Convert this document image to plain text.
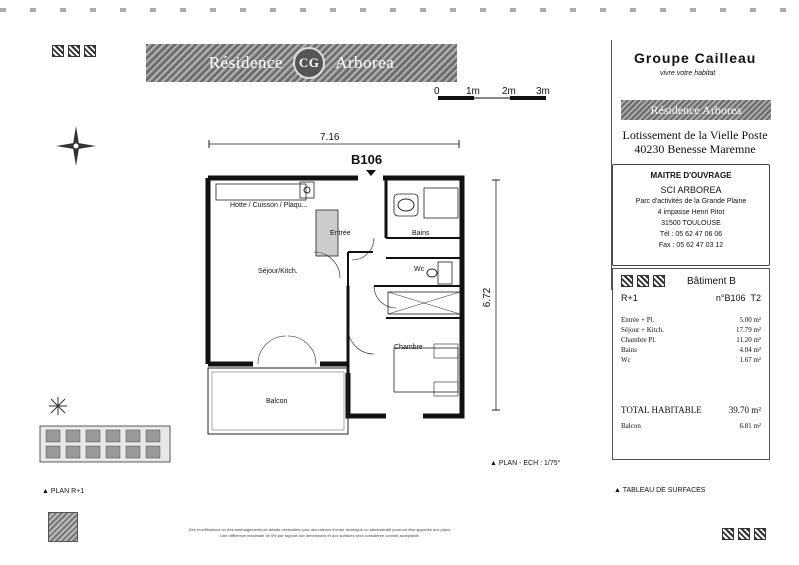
Résidence CG Arborea
0	1m 2m 3m
7.16
B106
6.72
Hotte / Cuisson / Plaqu...
Entrée	Bains
Séjour/Kitch.	Wc
Chambre
Balcon
▲ PLAN - ECH : 1/75°
▲ PLAN R+1
Groupe Cailleau
vivre votre habitat
Résidence Arborea
Lotissement de la Vielle Poste
40230 Benesse Maremne
MAITRE D'OUVRAGE
SCI ARBOREA
Parc d'activités de la Grande Plaine
4 impasse Henri Pitot
31500 TOULOUSE
Tél : 05 62 47 06 06
Fax : 05 62 47 03 12
Bâtiment B
R+1	n°B106 T2
Entrée + Pl.	5.00 m²
Séjour + Kitch.	17.79 m²
Chambre Pl.	11.20 m²
Bains	4.04 m²
Wc	1.67 m²
TOTAL HABITABLE	39.70 m²
Balcon	6.81 m²
▲ TABLEAU DE SURFACES
Des modifications ou des aménagements de détails nécessités pour des raisons d'ordre technique ou administratif pourront être apportés aux plans.
Une différence maximale de 5% par rapport aux dimensions et aux surfaces sera considérée comme acceptable.
